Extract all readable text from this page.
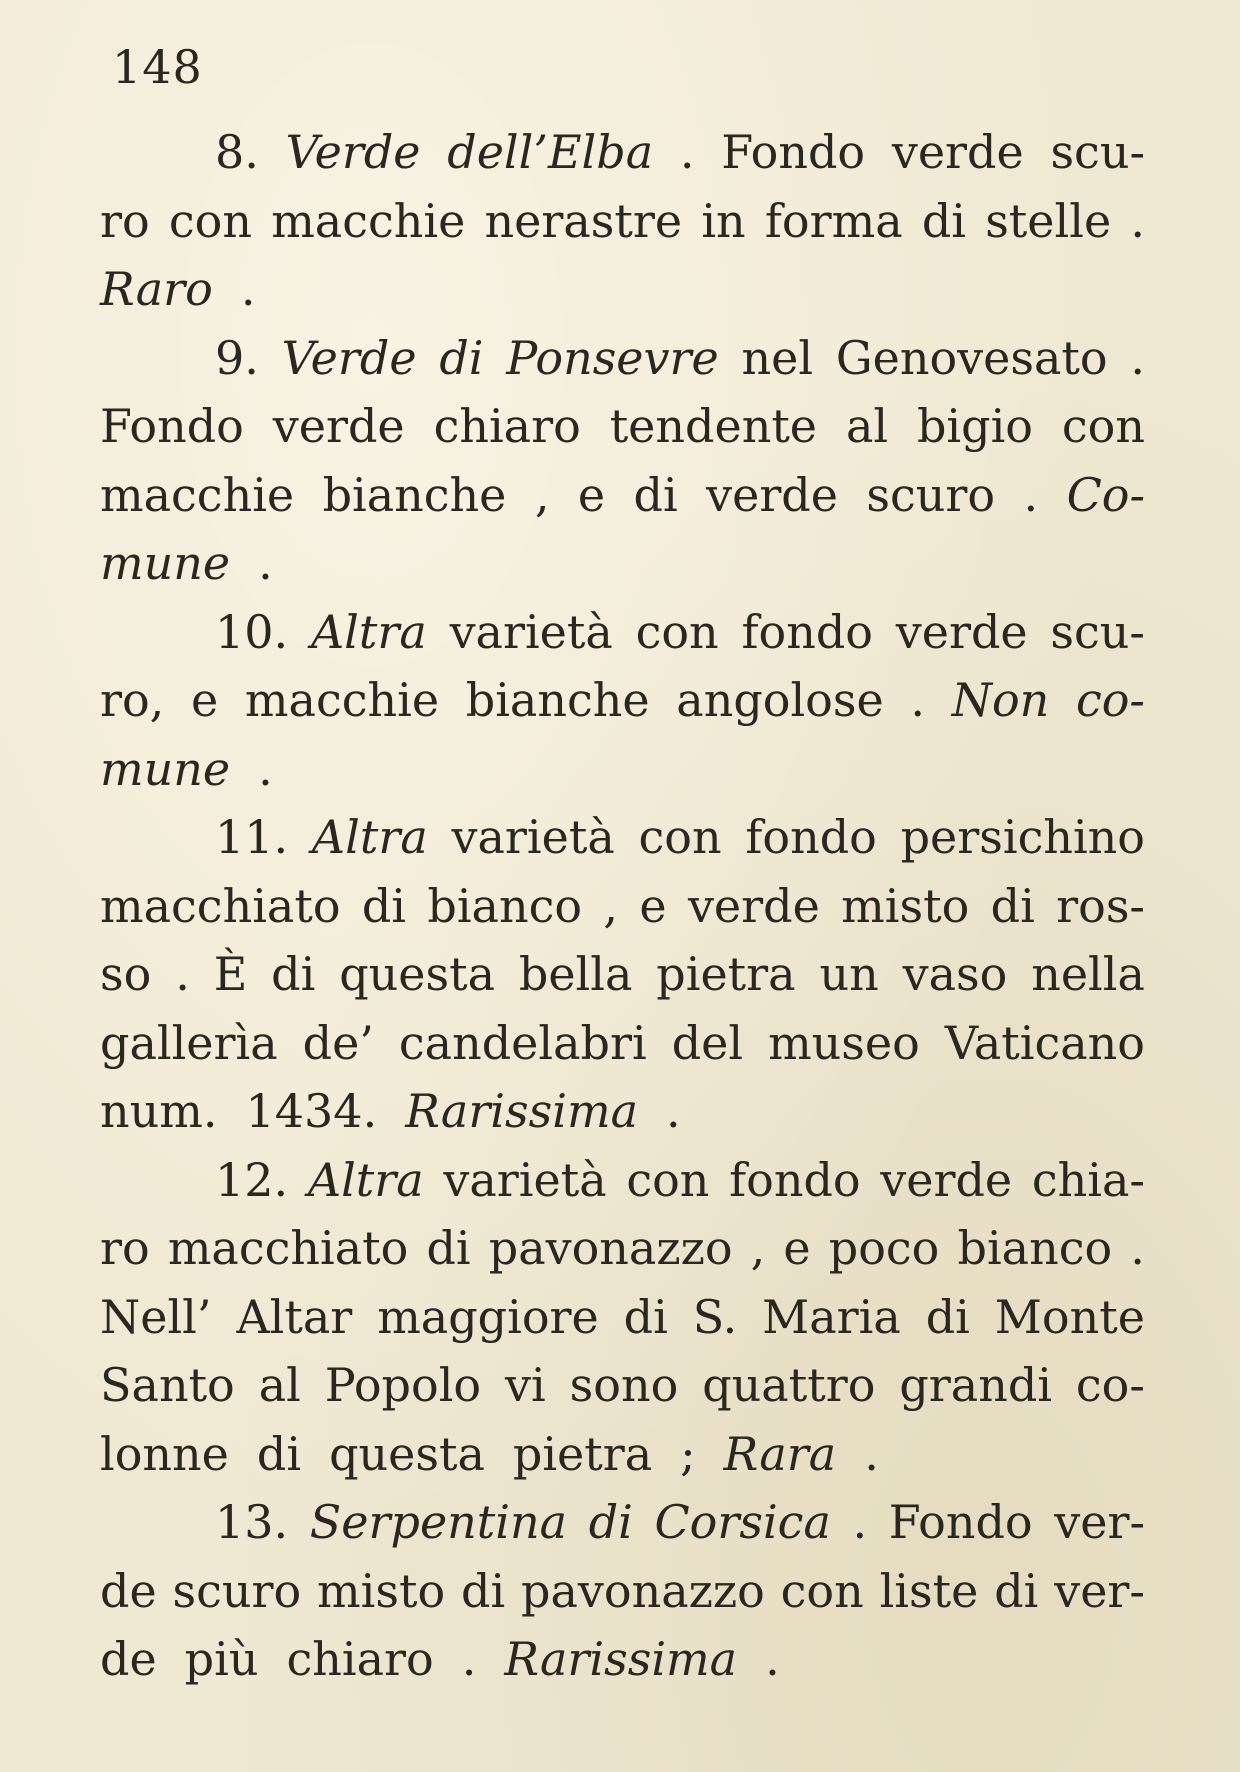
148
8. Verde dell’Elba . Fondo verde scu-
ro con macchie nerastre in forma di stelle .
Raro .
9. Verde di Ponsevre nel Genovesato .
Fondo verde chiaro tendente al bigio con
macchie bianche , e di verde scuro . Co-
mune .
10. Altra varietà con fondo verde scu-
ro, e macchie bianche angolose . Non co-
mune .
11. Altra varietà con fondo persichino
macchiato di bianco , e verde misto di ros-
so . È di questa bella pietra un vaso nella
gallerìa de’ candelabri del museo Vaticano
num. 1434. Rarissima .
12. Altra varietà con fondo verde chia-
ro macchiato di pavonazzo , e poco bianco .
Nell’ Altar maggiore di S. Maria di Monte
Santo al Popolo vi sono quattro grandi co-
lonne di questa pietra ; Rara .
13. Serpentina di Corsica . Fondo ver-
de scuro misto di pavonazzo con liste di ver-
de più chiaro . Rarissima .
